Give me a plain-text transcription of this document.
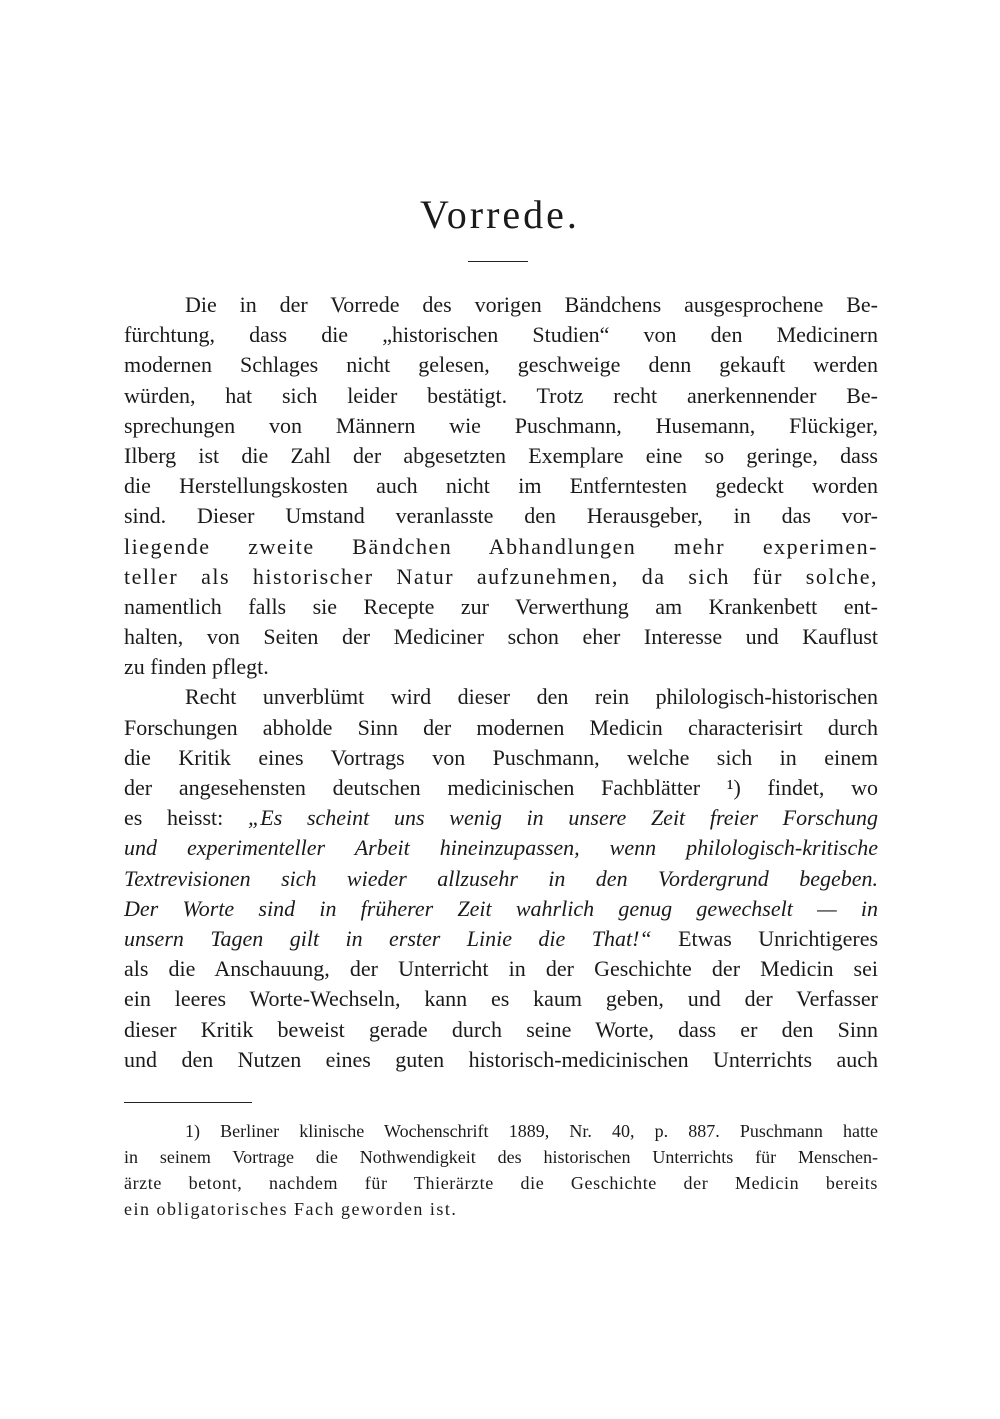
Vorrede.
Die in der Vorrede des vorigen Bändchens ausgesprochene Be-
fürchtung, dass die „historischen Studien“ von den Medicinern
modernen Schlages nicht gelesen, geschweige denn gekauft werden
würden, hat sich leider bestätigt. Trotz recht anerkennender Be-
sprechungen von Männern wie Puschmann, Husemann, Flückiger,
Ilberg ist die Zahl der abgesetzten Exemplare eine so geringe, dass
die Herstellungskosten auch nicht im Entferntesten gedeckt worden
sind. Dieser Umstand veranlasste den Herausgeber, in das vor-
liegende zweite Bändchen Abhandlungen mehr experimen-
teller als historischer Natur aufzunehmen, da sich für solche,
namentlich falls sie Recepte zur Verwerthung am Krankenbett ent-
halten, von Seiten der Mediciner schon eher Interesse und Kauflust
zu finden pflegt.
Recht unverblümt wird dieser den rein philologisch-historischen
Forschungen abholde Sinn der modernen Medicin characterisirt durch
die Kritik eines Vortrags von Puschmann, welche sich in einem
der angesehensten deutschen medicinischen Fachblätter ¹) findet, wo
es heisst: „Es scheint uns wenig in unsere Zeit freier Forschung
und experimenteller Arbeit hineinzupassen, wenn philologisch-kritische
Textrevisionen sich wieder allzusehr in den Vordergrund begeben.
Der Worte sind in früherer Zeit wahrlich genug gewechselt — in
unsern Tagen gilt in erster Linie die That!“ Etwas Unrichtigeres
als die Anschauung, der Unterricht in der Geschichte der Medicin sei
ein leeres Worte-Wechseln, kann es kaum geben, und der Verfasser
dieser Kritik beweist gerade durch seine Worte, dass er den Sinn
und den Nutzen eines guten historisch-medicinischen Unterrichts auch
1) Berliner klinische Wochenschrift 1889, Nr. 40, p. 887. Puschmann hatte
in seinem Vortrage die Nothwendigkeit des historischen Unterrichts für Menschen-
ärzte betont, nachdem für Thierärzte die Geschichte der Medicin bereits
ein obligatorisches Fach geworden ist.
